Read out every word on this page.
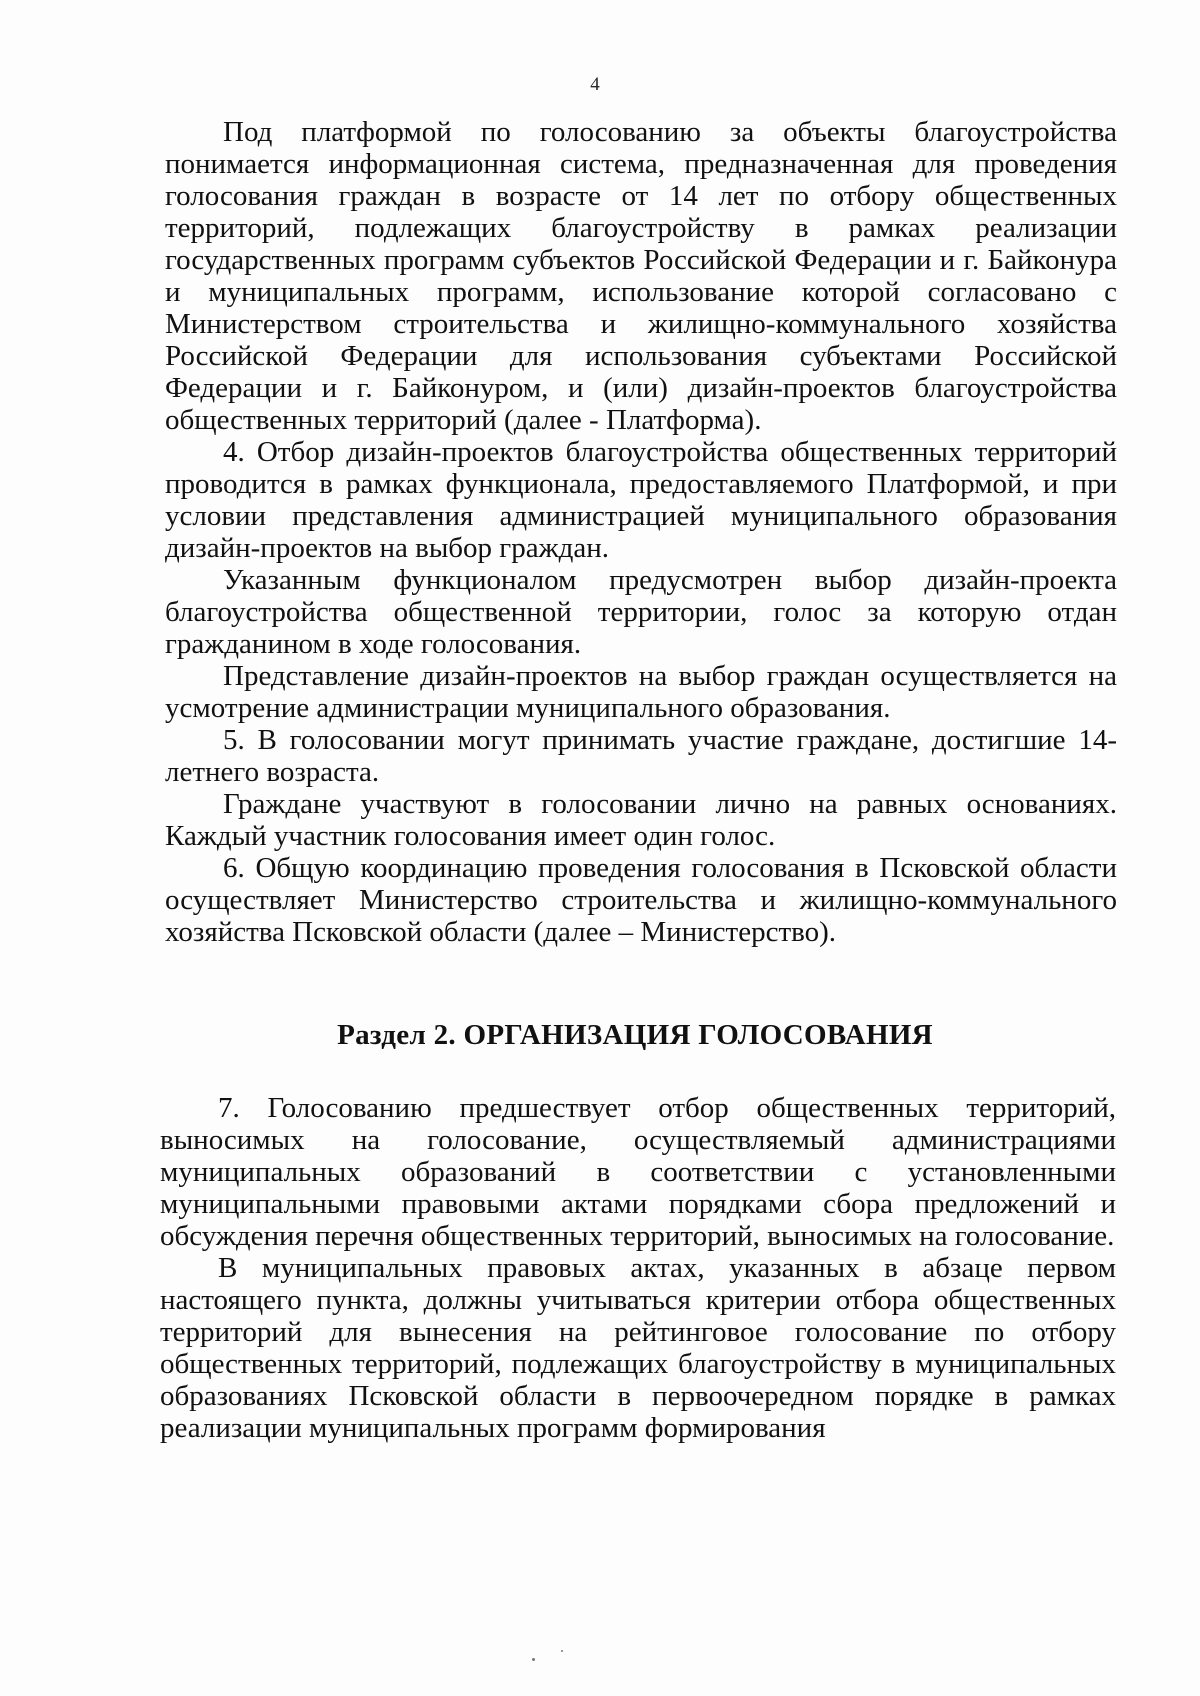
4

Под платформой по голосованию за объекты благоустройства понимается информационная система, предназначенная для проведения голосования граждан в возрасте от 14 лет по отбору общественных территорий, подлежащих благоустройству в рамках реализации государственных программ субъектов Российской Федерации и г. Байконура и муниципальных программ, использование которой согласовано с Министерством строительства и жилищно-коммунального хозяйства Российской Федерации для использования субъектами Российской Федерации и г. Байконуром, и (или) дизайн-проектов благоустройства общественных территорий (далее - Платформа).

4. Отбор дизайн-проектов благоустройства общественных территорий проводится в рамках функционала, предоставляемого Платформой, и при условии представления администрацией муниципального образования дизайн-проектов на выбор граждан.

Указанным функционалом предусмотрен выбор дизайн-проекта благоустройства общественной территории, голос за которую отдан гражданином в ходе голосования.

Представление дизайн-проектов на выбор граждан осуществляется на усмотрение администрации муниципального образования.

5. В голосовании могут принимать участие граждане, достигшие 14-летнего возраста.

Граждане участвуют в голосовании лично на равных основаниях. Каждый участник голосования имеет один голос.

6. Общую координацию проведения голосования в Псковской области осуществляет Министерство строительства и жилищно-коммунального хозяйства Псковской области (далее – Министерство).

Раздел 2. ОРГАНИЗАЦИЯ ГОЛОСОВАНИЯ

7. Голосованию предшествует отбор общественных территорий, выносимых на голосование, осуществляемый администрациями муниципальных образований в соответствии с установленными муниципальными правовыми актами порядками сбора предложений и обсуждения перечня общественных территорий, выносимых на голосование.

В муниципальных правовых актах, указанных в абзаце первом настоящего пункта, должны учитываться критерии отбора общественных территорий для вынесения на рейтинговое голосование по отбору общественных территорий, подлежащих благоустройству в муниципальных образованиях Псковской области в первоочередном порядке в рамках реализации муниципальных программ формирования
